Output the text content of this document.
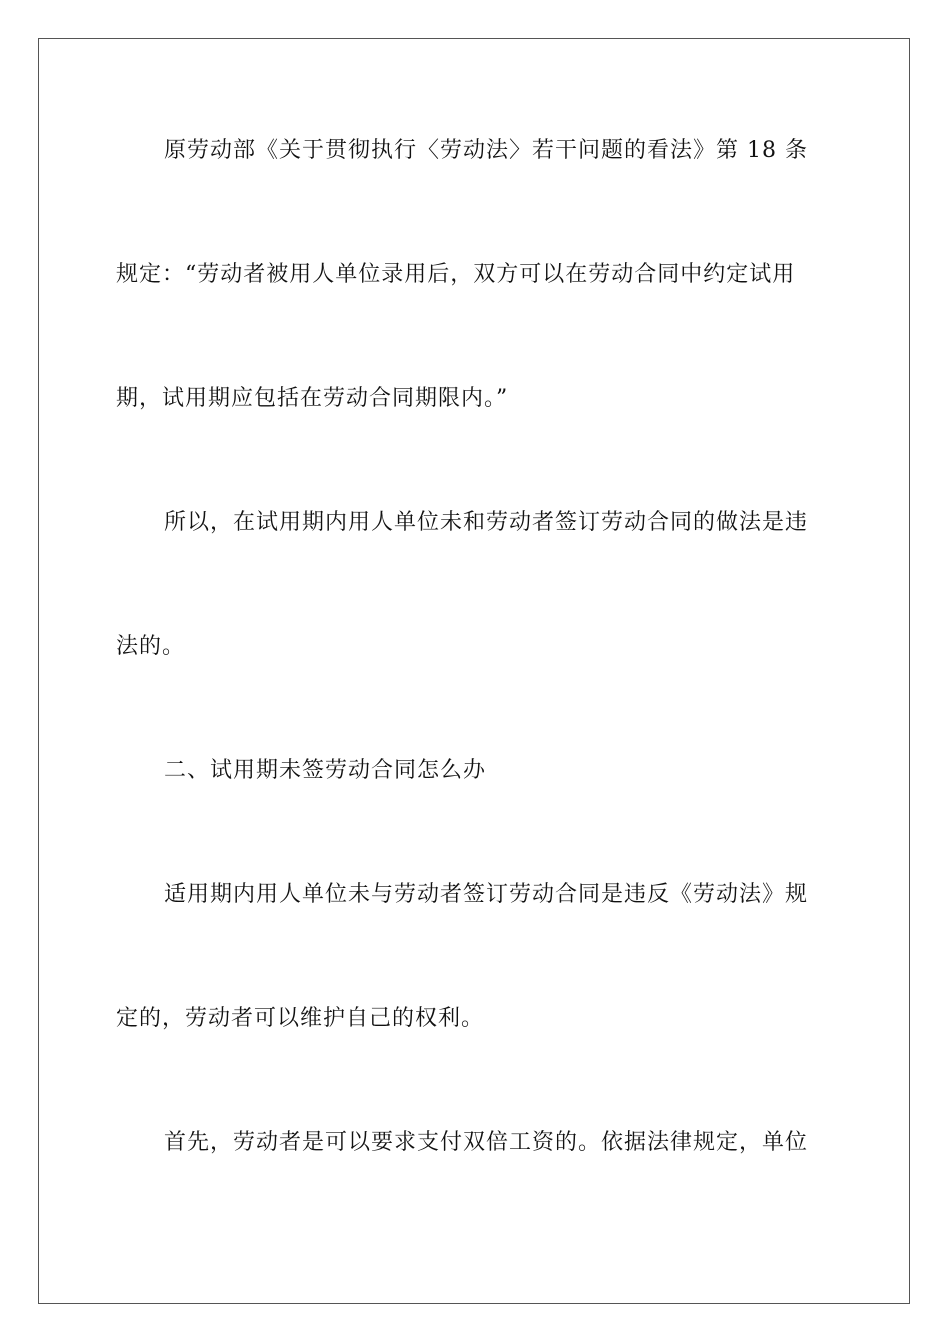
原劳动部《关于贯彻执行〈劳动法〉若干问题的看法》第 18 条
规定：“劳动者被用人单位录用后，双方可以在劳动合同中约定试用
期，试用期应包括在劳动合同期限内。”
所以，在试用期内用人单位未和劳动者签订劳动合同的做法是违
法的。
二、试用期未签劳动合同怎么办
适用期内用人单位未与劳动者签订劳动合同是违反《劳动法》规
定的，劳动者可以维护自己的权利。
首先，劳动者是可以要求支付双倍工资的。依据法律规定，单位
